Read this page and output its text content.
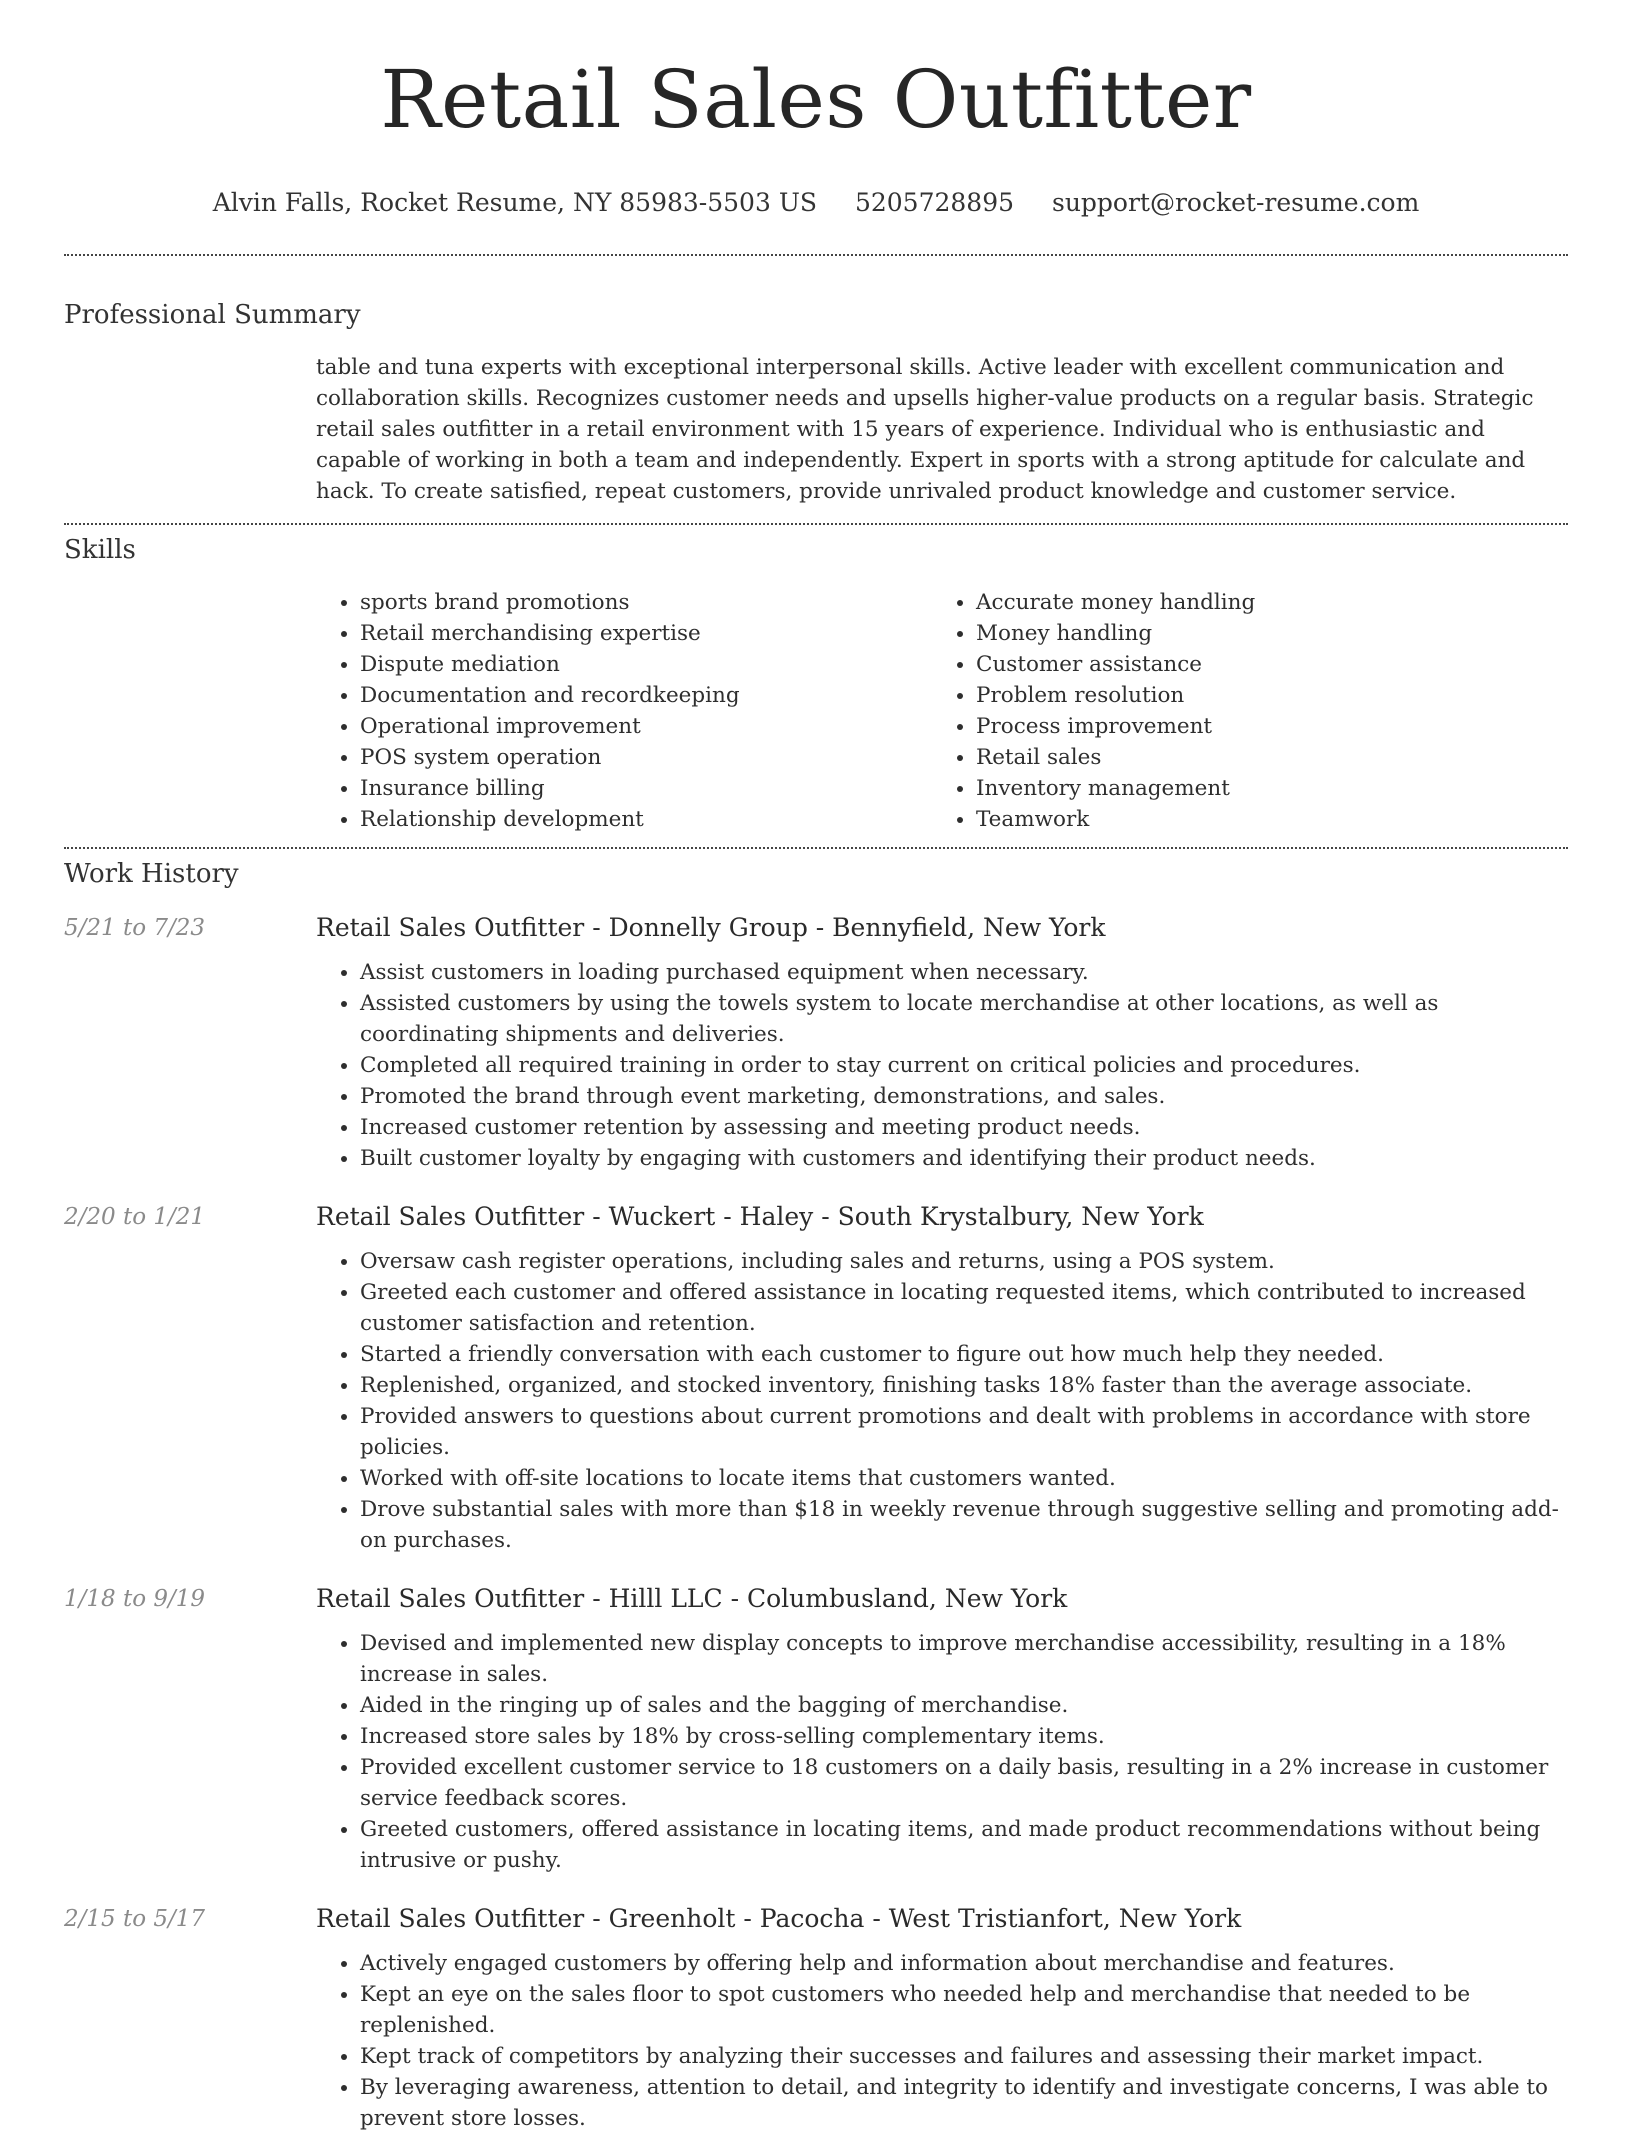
Retail Sales Outfitter
Alvin Falls, Rocket Resume, NY 85983-5503 US 5205728895 support@rocket-resume.com
Professional Summary
table and tuna experts with exceptional interpersonal skills. Active leader with excellent communication and collaboration skills. Recognizes customer needs and upsells higher-value products on a regular basis. Strategic retail sales outfitter in a retail environment with 15 years of experience. Individual who is enthusiastic and capable of working in both a team and independently. Expert in sports with a strong aptitude for calculate and hack. To create satisfied, repeat customers, provide unrivaled product knowledge and customer service.
Skills
• sports brand promotions
• Retail merchandising expertise
• Dispute mediation
• Documentation and recordkeeping
• Operational improvement
• POS system operation
• Insurance billing
• Relationship development
• Accurate money handling
• Money handling
• Customer assistance
• Problem resolution
• Process improvement
• Retail sales
• Inventory management
• Teamwork
Work History
5/21 to 7/23	Retail Sales Outfitter - Donnelly Group - Bennyfield, New York
• Assist customers in loading purchased equipment when necessary.
• Assisted customers by using the towels system to locate merchandise at other locations, as well as coordinating shipments and deliveries.
• Completed all required training in order to stay current on critical policies and procedures.
• Promoted the brand through event marketing, demonstrations, and sales.
• Increased customer retention by assessing and meeting product needs.
• Built customer loyalty by engaging with customers and identifying their product needs.
2/20 to 1/21	Retail Sales Outfitter - Wuckert - Haley - South Krystalbury, New York
• Oversaw cash register operations, including sales and returns, using a POS system.
• Greeted each customer and offered assistance in locating requested items, which contributed to increased customer satisfaction and retention.
• Started a friendly conversation with each customer to figure out how much help they needed.
• Replenished, organized, and stocked inventory, finishing tasks 18% faster than the average associate.
• Provided answers to questions about current promotions and dealt with problems in accordance with store policies.
• Worked with off-site locations to locate items that customers wanted.
• Drove substantial sales with more than $18 in weekly revenue through suggestive selling and promoting add-on purchases.
1/18 to 9/19	Retail Sales Outfitter - Hilll LLC - Columbusland, New York
• Devised and implemented new display concepts to improve merchandise accessibility, resulting in a 18% increase in sales.
• Aided in the ringing up of sales and the bagging of merchandise.
• Increased store sales by 18% by cross-selling complementary items.
• Provided excellent customer service to 18 customers on a daily basis, resulting in a 2% increase in customer service feedback scores.
• Greeted customers, offered assistance in locating items, and made product recommendations without being intrusive or pushy.
2/15 to 5/17	Retail Sales Outfitter - Greenholt - Pacocha - West Tristianfort, New York
• Actively engaged customers by offering help and information about merchandise and features.
• Kept an eye on the sales floor to spot customers who needed help and merchandise that needed to be replenished.
• Kept track of competitors by analyzing their successes and failures and assessing their market impact.
• By leveraging awareness, attention to detail, and integrity to identify and investigate concerns, I was able to prevent store losses.
